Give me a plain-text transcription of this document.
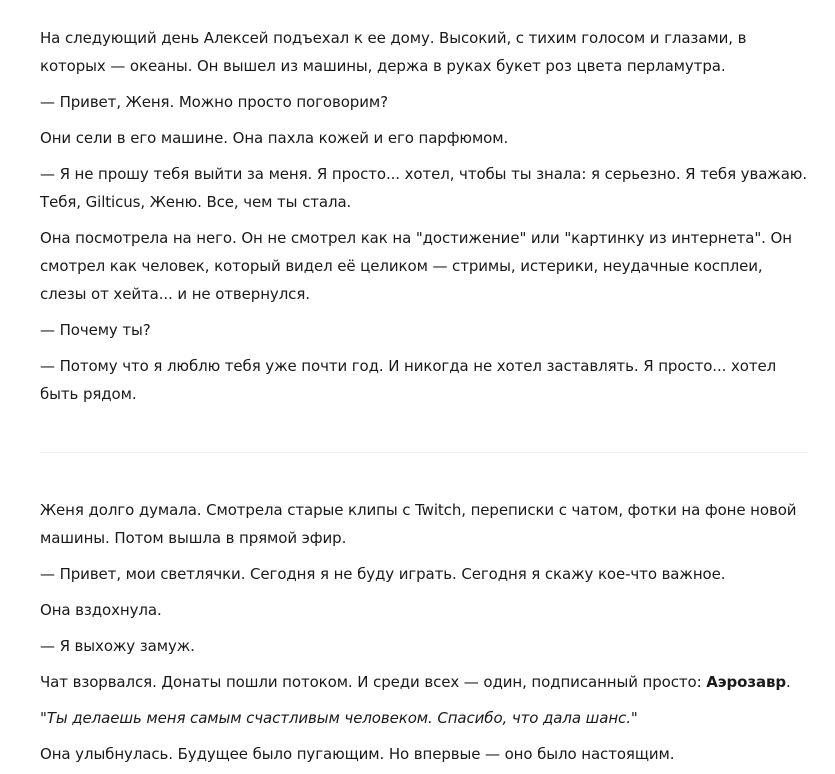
На следующий день Алексей подъехал к ее дому. Высокий, с тихим голосом и глазами, в которых — океаны. Он вышел из машины, держа в руках букет роз цвета перламутра.

— Привет, Женя. Можно просто поговорим?

Они сели в его машине. Она пахла кожей и его парфюмом.

— Я не прошу тебя выйти за меня. Я просто... хотел, чтобы ты знала: я серьезно. Я тебя уважаю. Тебя, Gilticus, Женю. Все, чем ты стала.

Она посмотрела на него. Он не смотрел как на "достижение" или "картинку из интернета". Он смотрел как человек, который видел её целиком — стримы, истерики, неудачные косплеи, слезы от хейта... и не отвернулся.

— Почему ты?

— Потому что я люблю тебя уже почти год. И никогда не хотел заставлять. Я просто... хотел быть рядом.

Женя долго думала. Смотрела старые клипы с Twitch, переписки с чатом, фотки на фоне новой машины. Потом вышла в прямой эфир.

— Привет, мои светлячки. Сегодня я не буду играть. Сегодня я скажу кое-что важное.

Она вздохнула.

— Я выхожу замуж.

Чат взорвался. Донаты пошли потоком. И среди всех — один, подписанный просто: Аэрозавр.

"Ты делаешь меня самым счастливым человеком. Спасибо, что дала шанс."

Она улыбнулась. Будущее было пугающим. Но впервые — оно было настоящим.
